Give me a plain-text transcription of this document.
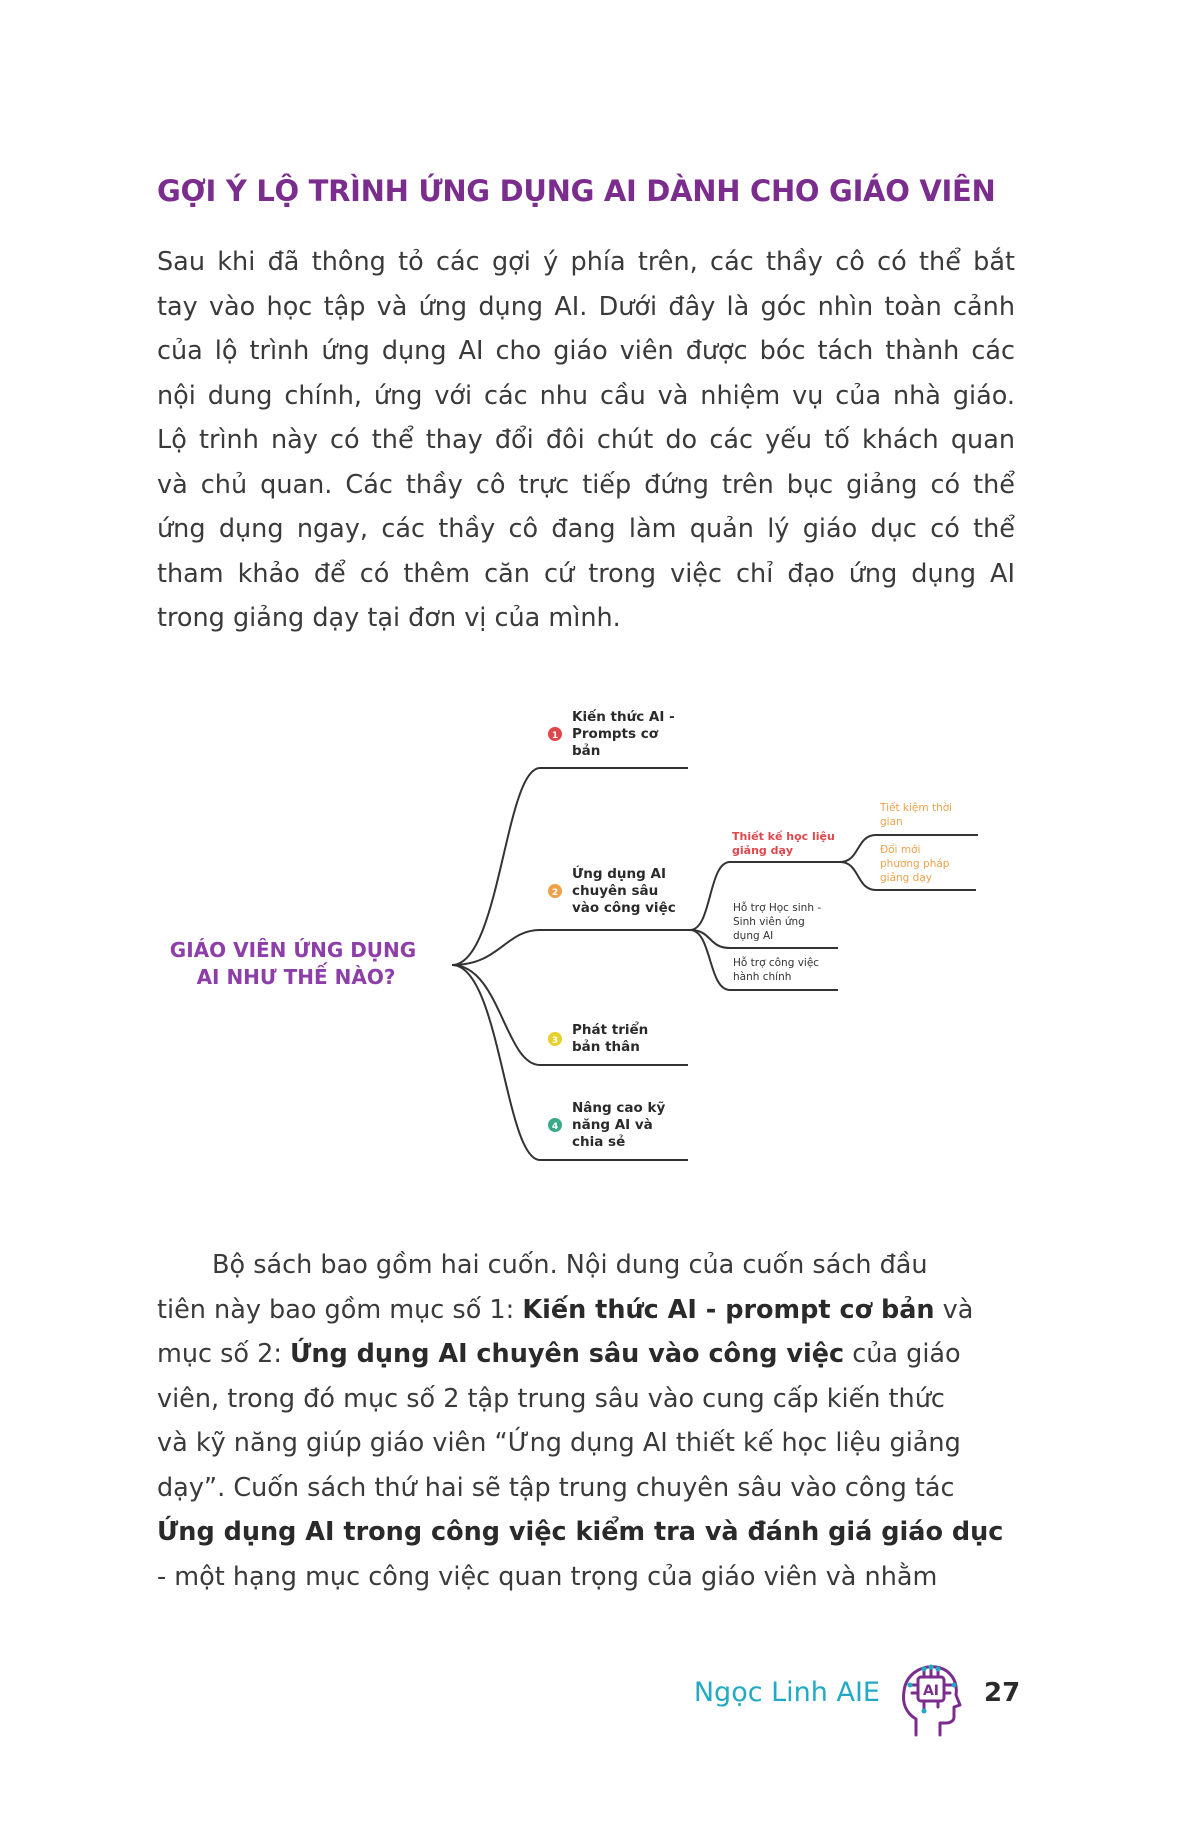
GỢI Ý LỘ TRÌNH ỨNG DỤNG AI DÀNH CHO GIÁO VIÊN
Sau khi đã thông tỏ các gợi ý phía trên, các thầy cô có thể bắt
tay vào học tập và ứng dụng AI. Dưới đây là góc nhìn toàn cảnh
của lộ trình ứng dụng AI cho giáo viên được bóc tách thành các
nội dung chính, ứng với các nhu cầu và nhiệm vụ của nhà giáo.
Lộ trình này có thể thay đổi đôi chút do các yếu tố khách quan
và chủ quan. Các thầy cô trực tiếp đứng trên bục giảng có thể
ứng dụng ngay, các thầy cô đang làm quản lý giáo dục có thể
tham khảo để có thêm căn cứ trong việc chỉ đạo ứng dụng AI
trong giảng dạy tại đơn vị của mình.
GIÁO VIÊN ỨNG DỤNG
AI NHƯ THẾ NÀO?
1
Kiến thức AI -
Prompts cơ
bản
2
Ứng dụng AI
chuyên sâu
vào công việc
3
Phát triển
bản thân
4
Nâng cao kỹ
năng AI và
chia sẻ
Thiết kế học liệu
giảng dạy
Hỗ trợ Học sinh -
Sinh viên ứng
dụng AI
Hỗ trợ công việc
hành chính
Tiết kiệm thời
gian
Đổi mới
phương pháp
giảng dạy
Bộ sách bao gồm hai cuốn. Nội dung của cuốn sách đầu
tiên này bao gồm mục số 1: Kiến thức AI - prompt cơ bản và
mục số 2: Ứng dụng AI chuyên sâu vào công việc của giáo
viên, trong đó mục số 2 tập trung sâu vào cung cấp kiến thức
và kỹ năng giúp giáo viên “Ứng dụng AI thiết kế học liệu giảng
dạy”. Cuốn sách thứ hai sẽ tập trung chuyên sâu vào công tác
Ứng dụng AI trong công việc kiểm tra và đánh giá giáo dục
- một hạng mục công việc quan trọng của giáo viên và nhằm
Ngọc Linh AIE	AI 27
